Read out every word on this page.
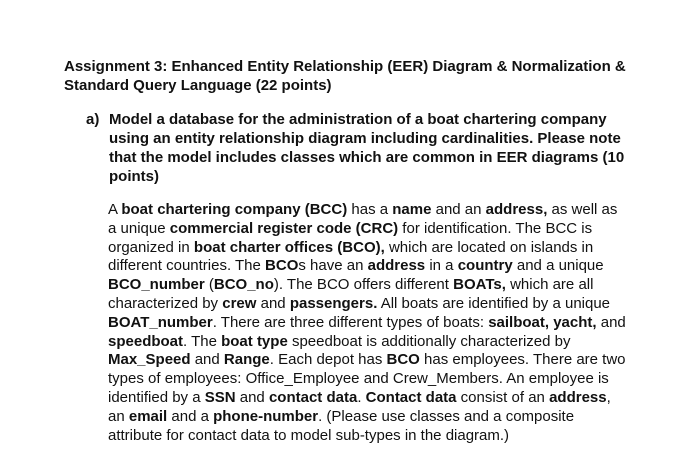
Assignment 3: Enhanced Entity Relationship (EER) Diagram & Normalization &
Standard Query Language (22 points)
a) Model a database for the administration of a boat chartering company
using an entity relationship diagram including cardinalities. Please note
that the model includes classes which are common in EER diagrams (10
points)

A boat chartering company (BCC) has a name and an address, as well as
a unique commercial register code (CRC) for identification. The BCC is
organized in boat charter offices (BCO), which are located on islands in
different countries. The BCOs have an address in a country and a unique
BCO_number (BCO_no). The BCO offers different BOATs, which are all
characterized by crew and passengers. All boats are identified by a unique
BOAT_number. There are three different types of boats: sailboat, yacht, and
speedboat. The boat type speedboat is additionally characterized by
Max_Speed and Range. Each depot has BCO has employees. There are two
types of employees: Office_Employee and Crew_Members. An employee is
identified by a SSN and contact data. Contact data consist of an address,
an email and a phone-number. (Please use classes and a composite
attribute for contact data to model sub-types in the diagram.)
